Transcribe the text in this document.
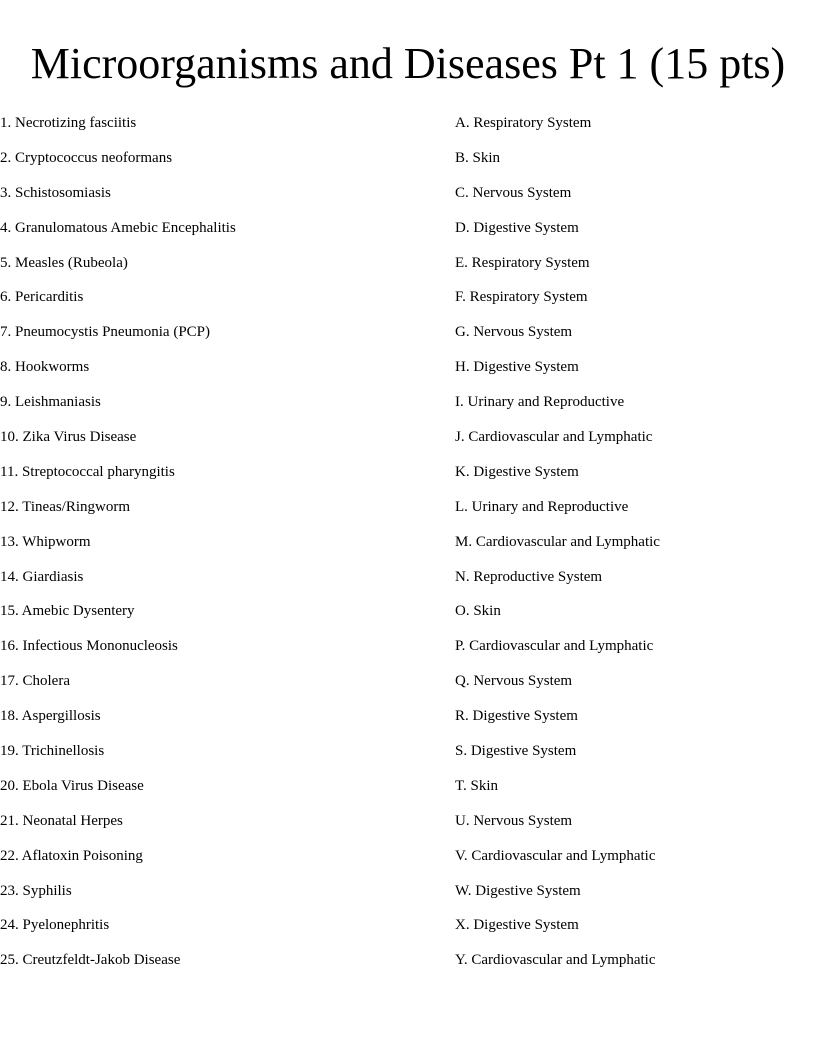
Microorganisms and Diseases Pt 1 (15 pts)
1. Necrotizing fasciitis	A. Respiratory System
2. Cryptococcus neoformans	B. Skin
3. Schistosomiasis	C. Nervous System
4. Granulomatous Amebic Encephalitis	D. Digestive System
5. Measles (Rubeola)	E. Respiratory System
6. Pericarditis	F. Respiratory System
7. Pneumocystis Pneumonia (PCP)	G. Nervous System
8. Hookworms	H. Digestive System
9. Leishmaniasis	I. Urinary and Reproductive
10. Zika Virus Disease	J. Cardiovascular and Lymphatic
11. Streptococcal pharyngitis	K. Digestive System
12. Tineas/Ringworm	L. Urinary and Reproductive
13. Whipworm	M. Cardiovascular and Lymphatic
14. Giardiasis	N. Reproductive System
15. Amebic Dysentery	O. Skin
16. Infectious Mononucleosis	P. Cardiovascular and Lymphatic
17. Cholera	Q. Nervous System
18. Aspergillosis	R. Digestive System
19. Trichinellosis	S. Digestive System
20. Ebola Virus Disease	T. Skin
21. Neonatal Herpes	U. Nervous System
22. Aflatoxin Poisoning	V. Cardiovascular and Lymphatic
23. Syphilis	W. Digestive System
24. Pyelonephritis	X. Digestive System
25. Creutzfeldt-Jakob Disease	Y. Cardiovascular and Lymphatic
